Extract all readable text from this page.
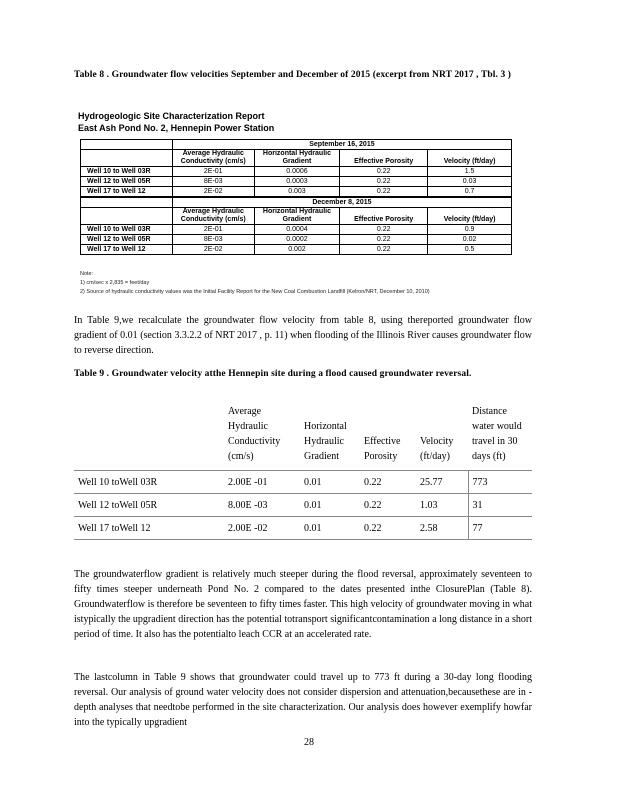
Table 8 . Groundwater flow velocities September and December of 2015 (excerpt from NRT 2017 , Tbl. 3 )
Hydrogeologic Site Characterization Report
East Ash Pond No. 2, Hennepin Power Station
	September 16, 2015			
	Average Hydraulic Conductivity (cm/s)	Horizontal Hydraulic Gradient	Effective Porosity	Velocity (ft/day)
Well 10 to Well 03R	2E-01	0.0006	0.22	1.5
Well 12 to Well 05R	8E-03	0.0003	0.22	0.03
Well 17 to Well 12	2E-02	0.003	0.22	0.7
	December 8, 2015			
	Average Hydraulic Conductivity (cm/s)	Horizontal Hydraulic Gradient	Effective Porosity	Velocity (ft/day)
Well 10 to Well 03R	2E-01	0.0004	0.22	0.9
Well 12 to Well 05R	8E-03	0.0002	0.22	0.02
Well 17 to Well 12	2E-02	0.002	0.22	0.5
Note:
1) cm/sec x 2,835 = feet/day
2) Source of hydraulic conductivity values was the Initial Facility Report for the New Coal Combustion Landfill (Kelron/NRT, December 10, 2010)
In Table 9,we recalculate the groundwater flow velocity from table 8, using thereported groundwater flow gradient of 0.01 (section 3.3.2.2 of NRT 2017 , p. 11) when flooding of the Illinois River causes groundwater flow to reverse direction.
Table 9 . Groundwater velocity atthe Hennepin site during a flood caused groundwater reversal.
	Average Hydraulic Conductivity (cm/s)	Horizontal Hydraulic Gradient	Effective Porosity	Velocity (ft/day)	Distance water would travel in 30 days (ft)
Well 10 toWell 03R	2.00E -01	0.01	0.22	25.77	773
Well 12 toWell 05R	8.00E -03	0.01	0.22	1.03	31
Well 17 toWell 12	2.00E -02	0.01	0.22	2.58	77
The groundwaterflow gradient is relatively much steeper during the flood reversal, approximately seventeen to fifty times steeper underneath Pond No. 2 compared to the dates presented inthe ClosurePlan (Table 8). Groundwaterflow is therefore be seventeen to fifty times faster. This high velocity of groundwater moving in what istypically the upgradient direction has the potential totransport significantcontamination a long distance in a short period of time. It also has the potentialto leach CCR at an accelerated rate.
The lastcolumn in Table 9 shows that groundwater could travel up to 773 ft during a 30-day long flooding reversal. Our analysis of ground water velocity does not consider dispersion and attenuation,becausethese are in -depth analyses that needtobe performed in the site characterization. Our analysis does however exemplify howfar into the typically upgradient
28
